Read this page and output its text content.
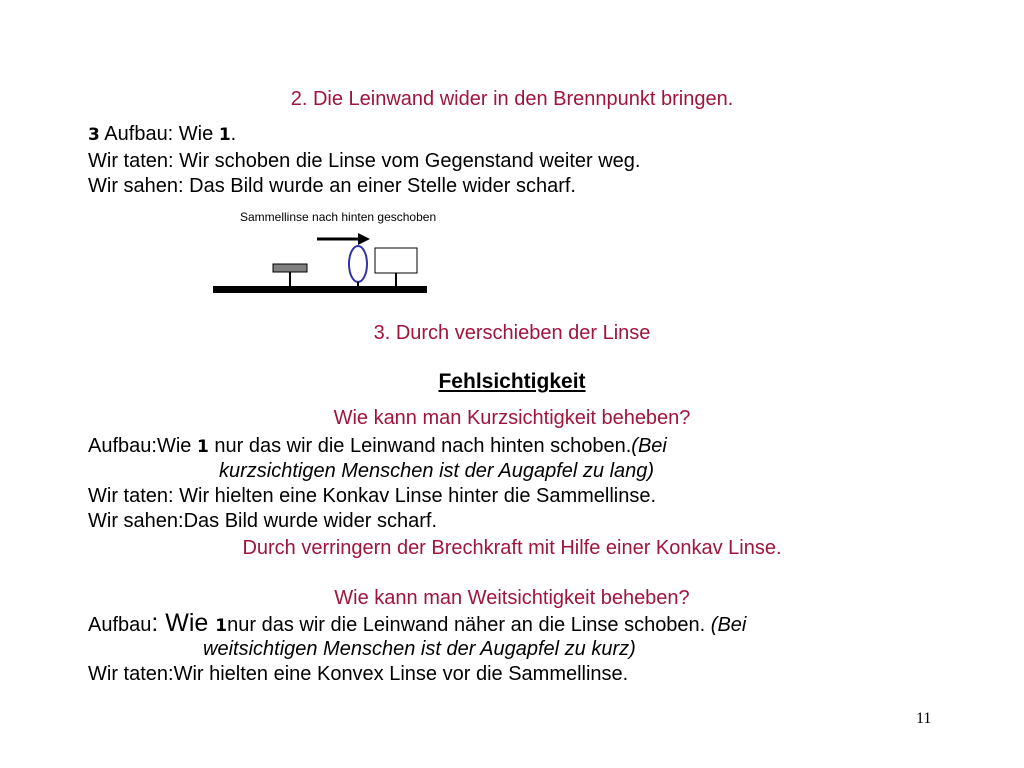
2. Die Leinwand wider in den Brennpunkt bringen.
3 Aufbau: Wie 1.
Wir taten: Wir schoben die Linse vom Gegenstand weiter weg.
Wir sahen: Das Bild wurde an einer Stelle wider scharf.
Sammellinse nach hinten geschoben
3. Durch verschieben der Linse
Fehlsichtigkeit
Wie kann man Kurzsichtigkeit beheben?
Aufbau:Wie 1 nur das wir die Leinwand nach hinten schoben.(Bei
kurzsichtigen Menschen ist der Augapfel zu lang)
Wir taten: Wir hielten eine Konkav Linse hinter die Sammellinse.
Wir sahen:Das Bild wurde wider scharf.
Durch verringern der Brechkraft mit Hilfe einer Konkav Linse.
Wie kann man Weitsichtigkeit beheben?
Aufbau: Wie 1nur das wir die Leinwand näher an die Linse schoben. (Bei
weitsichtigen Menschen ist der Augapfel zu kurz)
Wir taten:Wir hielten eine Konvex Linse vor die Sammellinse.
11
